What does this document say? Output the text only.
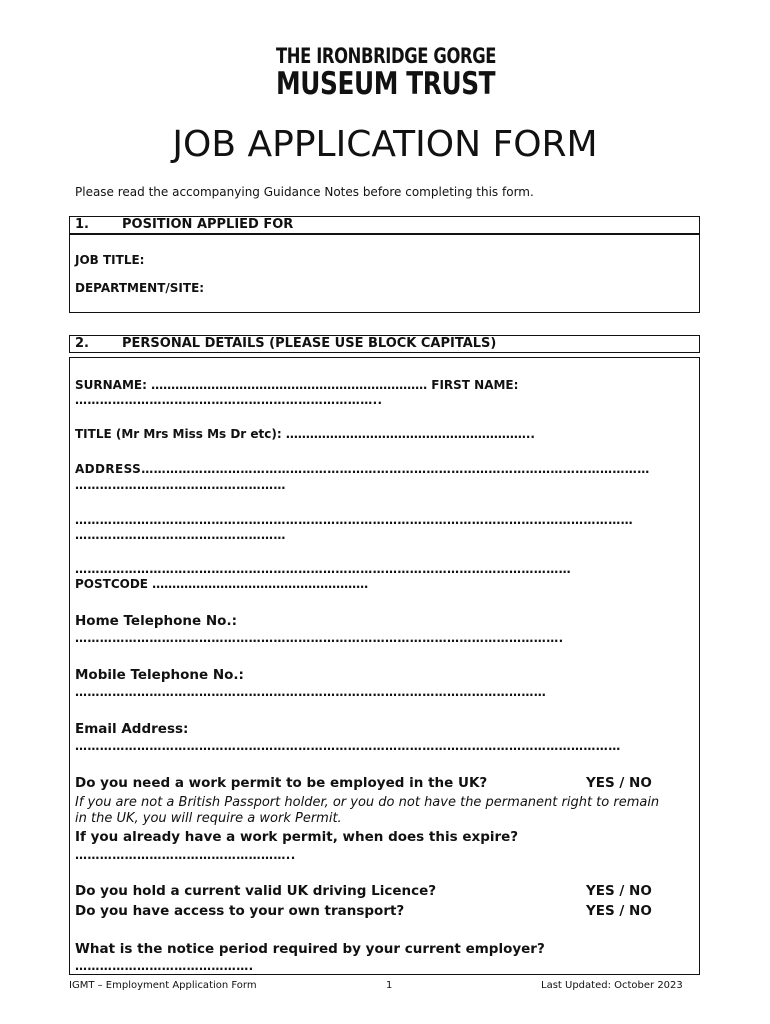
THE IRONBRIDGE GORGE
MUSEUM TRUST
JOB APPLICATION FORM
Please read the accompanying Guidance Notes before completing this form.
1.	POSITION APPLIED FOR
JOB TITLE:
DEPARTMENT/SITE:
2.	PERSONAL DETAILS (PLEASE USE BLOCK CAPITALS)
SURNAME: …………………………………………………………… FIRST NAME:
………………………………………………………………..
TITLE (Mr Mrs Miss Ms Dr etc): ……………………………………………………..
ADDRESS……………………………………………………………………………………………………………
……………………………………………
………………………………………………………………………………………………………………………
……………………………………………
…………………………………………………………………………………………………………
POSTCODE ………………………………………………
Home Telephone No.:
……………………………………………………………………………………………………….
Mobile Telephone No.:
……………………………………………………………………………………………………
Email Address:
……………………………………………………………………………………………………………………
Do you need a work permit to be employed in the UK?	YES / NO
If you are not a British Passport holder, or you do not have the permanent right to remain in the UK, you will require a work Permit.
If you already have a work permit, when does this expire?
……………………………………………..
Do you hold a current valid UK driving Licence?	YES / NO
Do you have access to your own transport?	YES / NO
What is the notice period required by your current employer?
…………………………………….
IGMT – Employment Application Form	1	Last Updated: October 2023
